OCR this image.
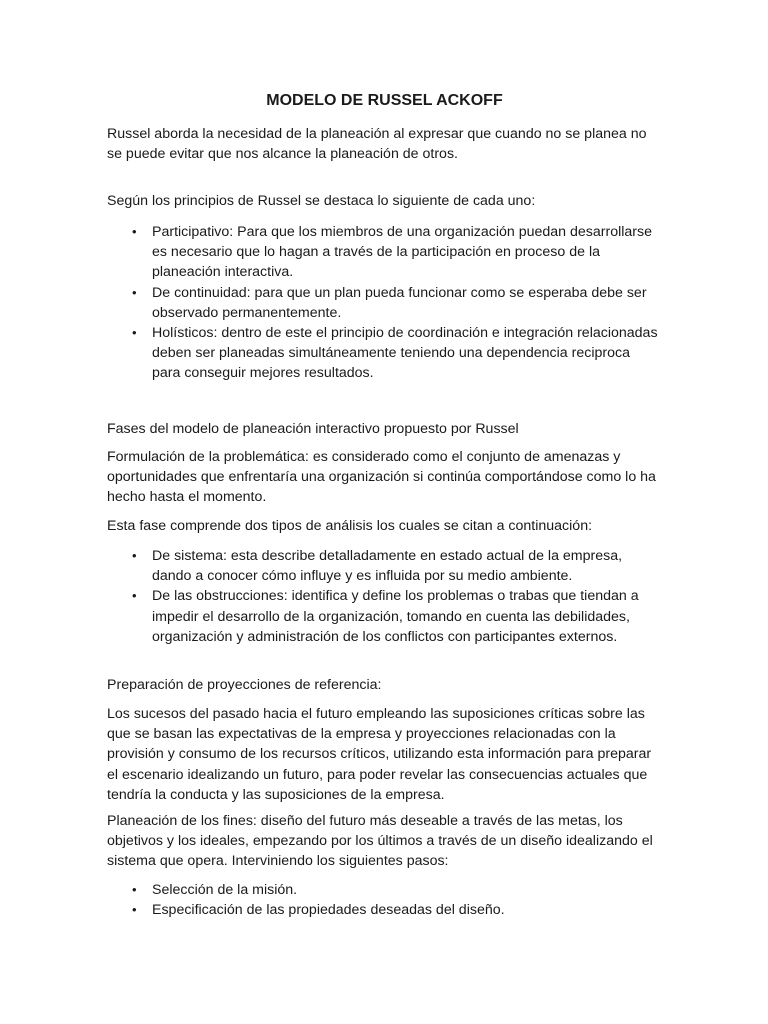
MODELO DE RUSSEL ACKOFF

Russel aborda la necesidad de la planeación al expresar que cuando no se planea no se puede evitar que nos alcance la planeación de otros.

Según los principios de Russel se destaca lo siguiente de cada uno:

• Participativo: Para que los miembros de una organización puedan desarrollarse es necesario que lo hagan a través de la participación en proceso de la planeación interactiva.
• De continuidad: para que un plan pueda funcionar como se esperaba debe ser observado permanentemente.
• Holísticos: dentro de este el principio de coordinación e integración relacionadas deben ser planeadas simultáneamente teniendo una dependencia reciproca para conseguir mejores resultados.

Fases del modelo de planeación interactivo propuesto por Russel

Formulación de la problemática: es considerado como el conjunto de amenazas y oportunidades que enfrentaría una organización si continúa comportándose como lo ha hecho hasta el momento.

Esta fase comprende dos tipos de análisis los cuales se citan a continuación:

• De sistema: esta describe detalladamente en estado actual de la empresa, dando a conocer cómo influye y es influida por su medio ambiente.
• De las obstrucciones: identifica y define los problemas o trabas que tiendan a impedir el desarrollo de la organización, tomando en cuenta las debilidades, organización y administración de los conflictos con participantes externos.

Preparación de proyecciones de referencia:

Los sucesos del pasado hacia el futuro empleando las suposiciones críticas sobre las que se basan las expectativas de la empresa y proyecciones relacionadas con la provisión y consumo de los recursos críticos, utilizando esta información para preparar el escenario idealizando un futuro, para poder revelar las consecuencias actuales que tendría la conducta y las suposiciones de la empresa.

Planeación de los fines: diseño del futuro más deseable a través de las metas, los objetivos y los ideales, empezando por los últimos a través de un diseño idealizando el sistema que opera. Interviniendo los siguientes pasos:

• Selección de la misión.
• Especificación de las propiedades deseadas del diseño.
